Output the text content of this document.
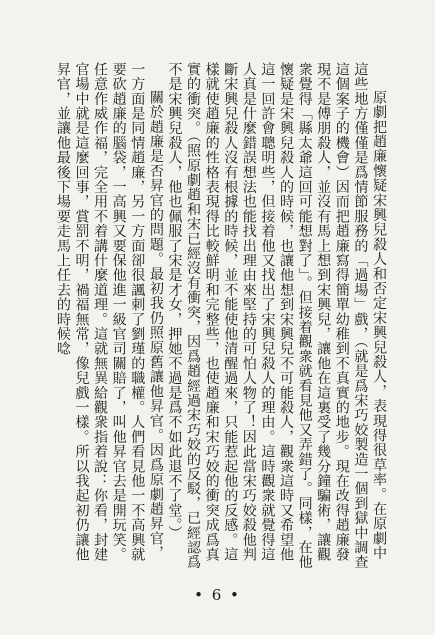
原劇把趙廉懷疑宋興兒殺人和否定宋興兒殺人，表現得很草率。在原劇中這些地方僅僅是爲情節服務的「過場」戲，（就是爲宋巧姣製造一個到獄中調查這個案子的機會）因而把趙廉寫得簡單幼稚到不真實的地步。現在改得趙廉發現不是傅朋殺人，並沒有馬上想到宋興兒，讓他在這裏受了幾分鐘騙術，讓觀衆覺得「縣太爺這回可能想對了」。但接着觀衆就看見他又弄錯了。同樣，在他懷疑是宋興兒殺人的時候，也讓他想到宋興兒不可能殺人，觀衆這時又希望他這一回許會聰明些，但接着他又找出了宋興兒殺人的理由。這時觀衆就覺得這人真是什麼錯誤想法也能找出理由來堅持的可怕人物了！因此當宋巧姣殺他判斷宋興兒殺人沒有根據的時候，並不能使他清醒過來，只能惹起他的反感。這樣就使趙廉的性格表現得比較鮮明和完整些，也使趙廉和宋巧姣的衝突成爲真實的衝突。（照原劇趙和宋已經沒有衝突，因爲趙經過宋巧姣的反駁，已經認爲不是宋興兒殺人，他也佩服了宋是才女，押她不過是爲不如此退不了堂。）

關於趙廉是否昇官的問題。最初我仍照原舊讓他昇官。因爲原劇趙昇官，一方面是同情趙廉，另一方面卻很諷刺了劉瑾的職權。人們看見他一不高興就要砍趙廉的腦袋，一高興又要保他進一級官司關賠了，叫他昇官去是開玩笑。任意作威作福，完全用不着講什麼道理。這就無異給觀衆指着說：你看，封建官場中就是這麼回事，賞罰不明，禍福無常，像兒戲一樣。所以我起初仍讓他昇官，並讓他最後下場要走馬上任去的時候唸

• 6 •
